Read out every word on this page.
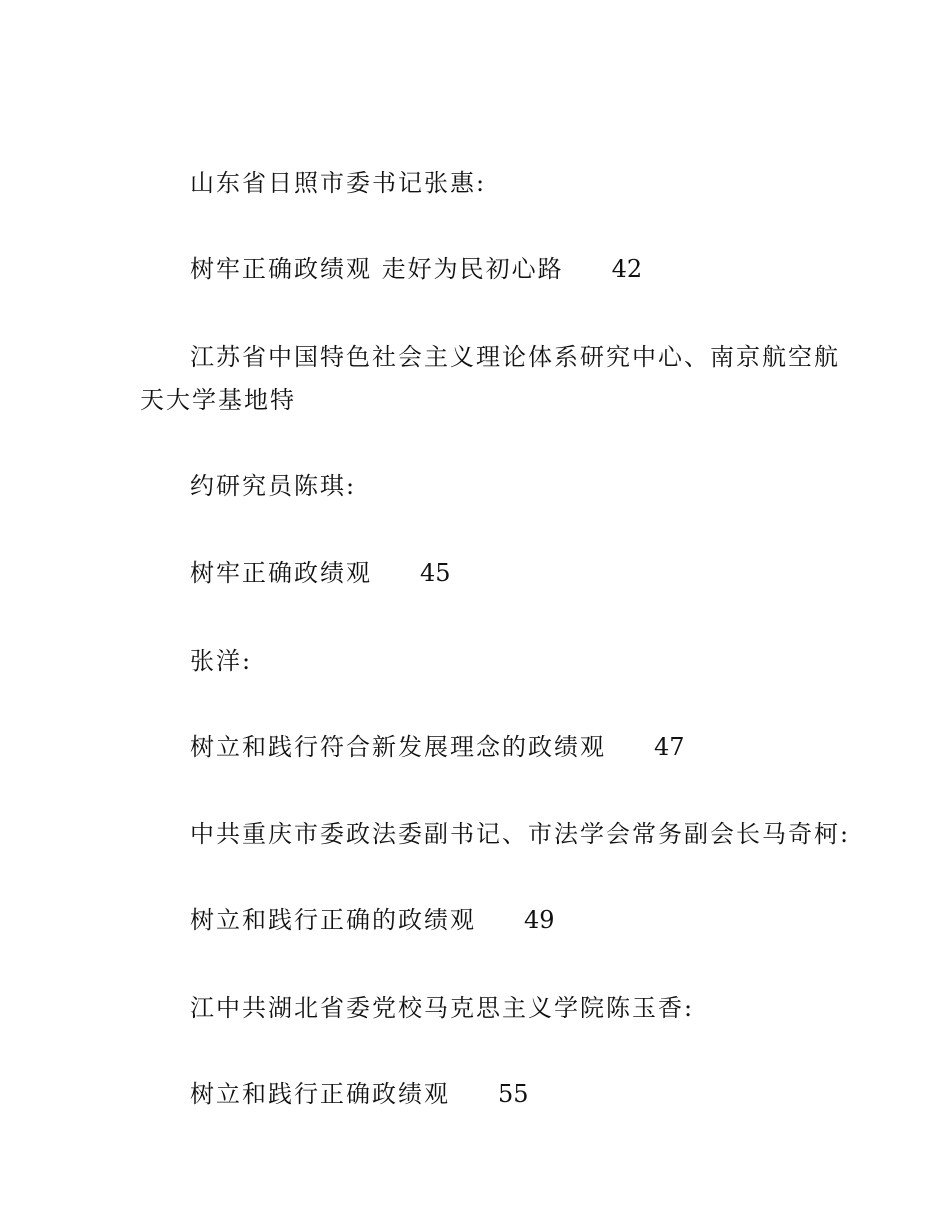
山东省日照市委书记张惠:
树牢正确政绩观 走好为民初心路 42
江苏省中国特色社会主义理论体系研究中心、南京航空航
天大学基地特
约研究员陈琪:
树牢正确政绩观 45
张洋:
树立和践行符合新发展理念的政绩观 47
中共重庆市委政法委副书记、市法学会常务副会长马奇柯:
树立和践行正确的政绩观 49
江中共湖北省委党校马克思主义学院陈玉香:
树立和践行正确政绩观 55
